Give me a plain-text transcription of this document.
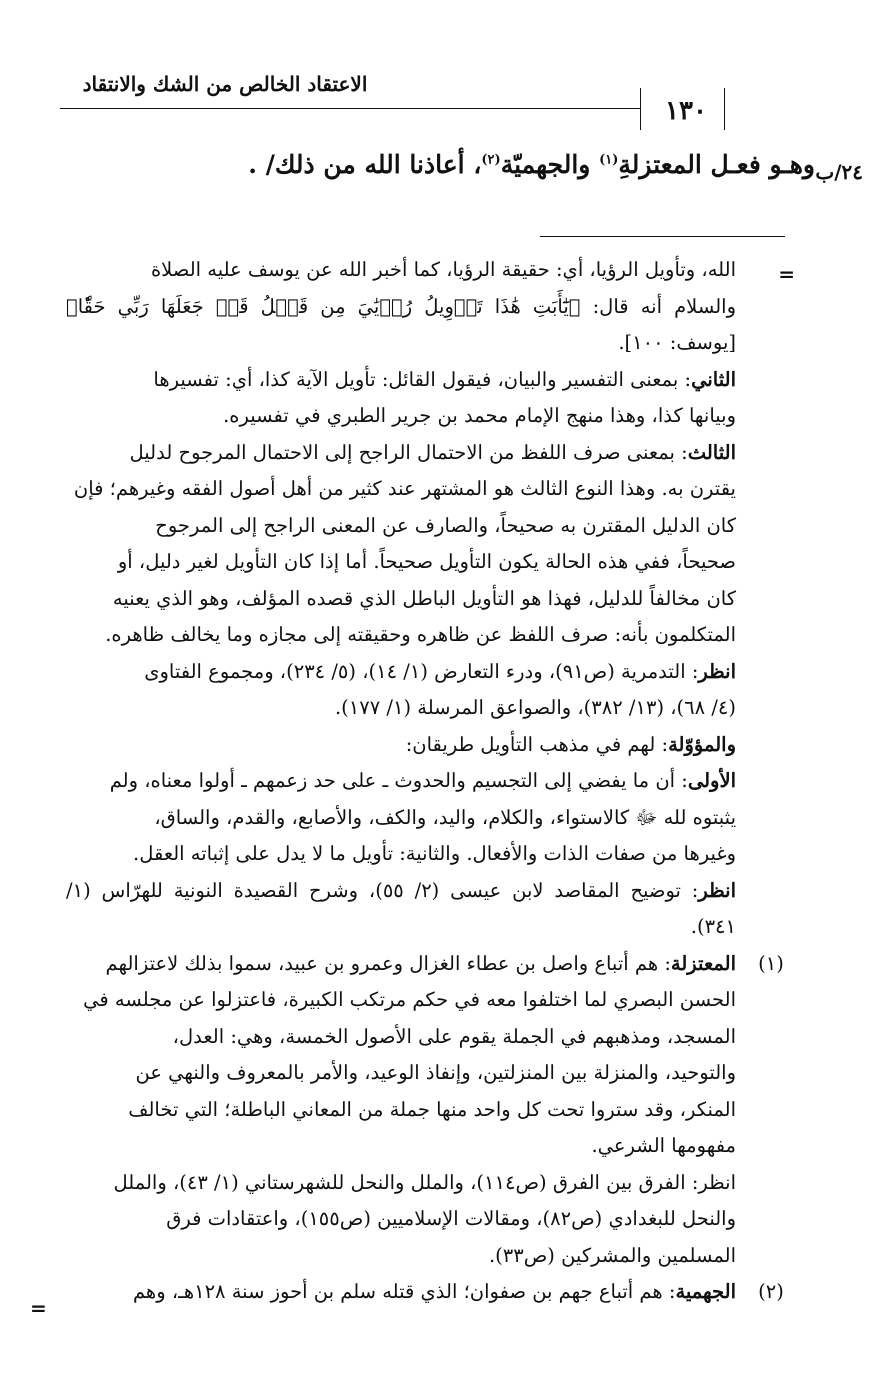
الاعتقاد الخالص من الشك والانتقاد
١٣٠
٢٤/ب
وهـو فعـل المعتزلةِ$^{(١)}$ والجهميّة$^{(٢)}$، أعاذنا الله من ذلك/ .
=
=

الله، وتأويل الرؤيا، أي: حقيقة الرؤيا، كما أخبر الله عن يوسف عليه الصلاة

والسلام أنه قال: ﴿يَٰٓأَبَتِ هَٰذَا تَأۡوِيلُ رُءۡيَٰيَ مِن قَبۡلُ قَدۡ جَعَلَهَا رَبِّي حَقّٗا﴾ [يوسف: ١٠٠].

الثاني: بمعنى التفسير والبيان، فيقول القائل: تأويل الآية كذا، أي: تفسيرها

وبيانها كذا، وهذا منهج الإمام محمد بن جرير الطبري في تفسيره.

الثالث: بمعنى صرف اللفظ من الاحتمال الراجح إلى الاحتمال المرجوح لدليل

يقترن به. وهذا النوع الثالث هو المشتهر عند كثير من أهل أصول الفقه وغيرهم؛ فإن

كان الدليل المقترن به صحيحاً، والصارف عن المعنى الراجح إلى المرجوح

صحيحاً، ففي هذه الحالة يكون التأويل صحيحاً. أما إذا كان التأويل لغير دليل، أو

كان مخالفاً للدليل، فهذا هو التأويل الباطل الذي قصده المؤلف، وهو الذي يعنيه

المتكلمون بأنه: صرف اللفظ عن ظاهره وحقيقته إلى مجازه وما يخالف ظاهره.

انظر: التدمرية (ص٩١)، ودرء التعارض (١/ ١٤)، (٥/ ٢٣٤)، ومجموع الفتاوى

(٤/ ٦٨)، (١٣/ ٣٨٢)، والصواعق المرسلة (١/ ١٧٧).

والمؤوّلة: لهم في مذهب التأويل طريقان:

الأولى: أن ما يفضي إلى التجسيم والحدوث ـ على حد زعمهم ـ أولوا معناه، ولم

يثبتوه لله ﷻ كالاستواء، والكلام، واليد، والكف، والأصابع، والقدم، والساق،

وغيرها من صفات الذات والأفعال. والثانية: تأويل ما لا يدل على إثباته العقل.

انظر: توضيح المقاصد لابن عيسى (٢/ ٥٥)، وشرح القصيدة النونية للهرّاس (١/ ٣٤١).

(١)

المعتزلة: هم أتباع واصل بن عطاء الغزال وعمرو بن عبيد، سموا بذلك لاعتزالهم

الحسن البصري لما اختلفوا معه في حكم مرتكب الكبيرة، فاعتزلوا عن مجلسه في

المسجد، ومذهبهم في الجملة يقوم على الأصول الخمسة، وهي: العدل،

والتوحيد، والمنزلة بين المنزلتين، وإنفاذ الوعيد، والأمر بالمعروف والنهي عن

المنكر، وقد ستروا تحت كل واحد منها جملة من المعاني الباطلة؛ التي تخالف

مفهومها الشرعي.

انظر: الفرق بين الفرق (ص١١٤)، والملل والنحل للشهرستاني (١/ ٤٣)، والملل

والنحل للبغدادي (ص٨٢)، ومقالات الإسلاميين (ص١٥٥)، واعتقادات فرق

المسلمين والمشركين (ص٣٣).

(٢)

الجهمية: هم أتباع جهم بن صفوان؛ الذي قتله سلم بن أحوز سنة ١٢٨هـ، وهم
